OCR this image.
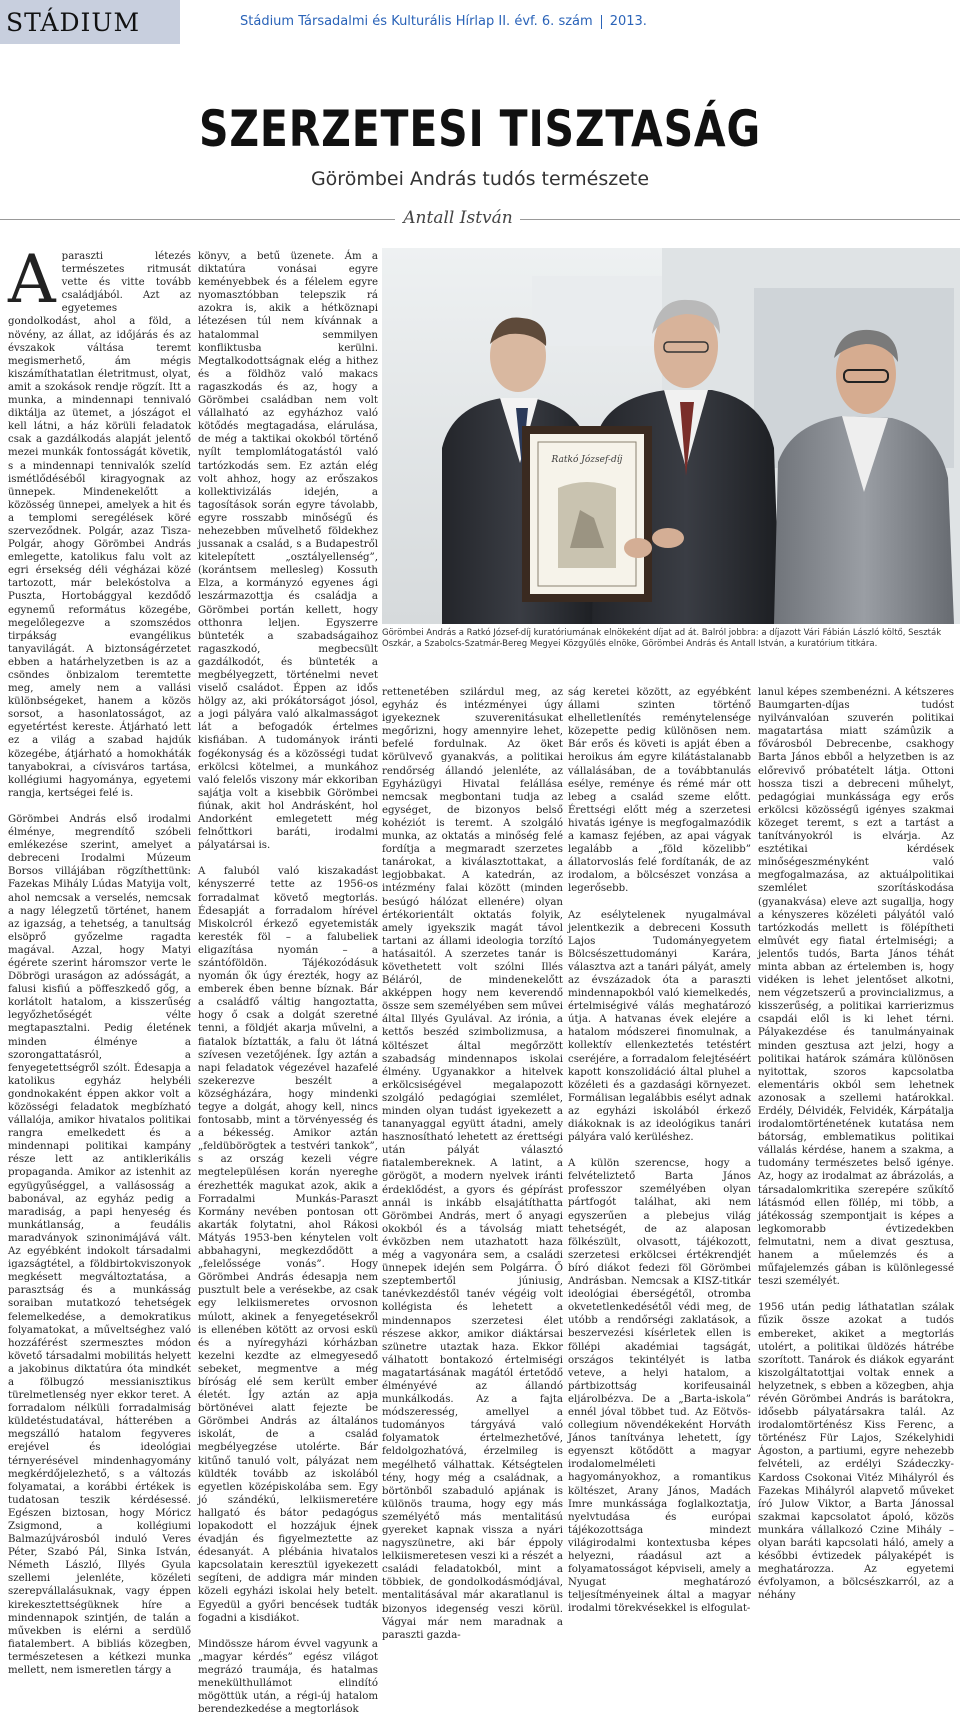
STÁDIUM	Stádium Társadalmi és Kulturális Hírlap II. évf. 6. szám 2013.
SZERZETESI TISZTASÁG
Görömbei András tudós természete
Antall István

Aparaszti létezés természetes ritmusát vette és vitte tovább családjából. Azt az egyetemes gondolkodást, ahol a föld, a növény, az állat, az időjárás és az évszakok váltása teremt megismerhető, ám mégis kiszámíthatatlan életritmust, olyat, amit a szokások rendje rögzít. Itt a munka, a mindennapi tennivaló diktálja az ütemet, a jószágot el kell látni, a ház körüli feladatok csak a gazdálkodás alapját jelentő mezei munkák fontosságát követik, s a mindennapi tennivalók szelíd ismétlődéséből kiragyognak az ünnepek. Mindenekelőtt a közösség ünnepei, amelyek a hit és a templomi seregélések köré szerveződnek. Polgár, azaz Tisza-Polgár, ahogy Görömbei András emlegette, katolikus falu volt az egri érsekség déli végházai közé tartozott, már belekóstolva a Puszta, Hortobággyal kezdődő egynemű református közegébe, megelőlegezve a szomszédos tirpákság evangélikus tanyavilágát. A biztonságérzetet ebben a határhelyzetben is az a csöndes önbizalom teremtette meg, amely nem a vallási különbségeket, hanem a közös sorsot, a hasonlatosságot, az egyetértést kereste. Átjárható lett ez a világ a szabad hajdúk közegébe, átjárható a homokháták tanyabokrai, a cívisváros tartása, kollégiumi hagyománya, egyetemi rangja, kertségei felé is.

Görömbei András első irodalmi élménye, megrendítő szóbeli emlékezése szerint, amelyet a debreceni Irodalmi Múzeum Borsos villájában rögzíthettünk: Fazekas Mihály Lúdas Matyija volt, ahol nemcsak a verselés, nemcsak a nagy lélegzetű történet, hanem az igazság, a tehetség, a tanultság elsöprő győzelme ragadta magával. Azzal, hogy Matyi égérete szerint háromszor verte le Döbrögi uraságon az adósságát, a falusi kisfiú a pöffeszkedő gőg, a korlátolt hatalom, a kisszerűség legyőzhetőségét vélte megtapasztalni. Pedig életének minden élménye a szorongattatásról, a fenyegetettségről szólt. Édesapja a katolikus egyház helybéli gondnokaként éppen akkor volt a közösségi feladatok megbízható vállalója, amikor hivatalos politikai rangra emelkedett és a mindennapi politikai kampány része lett az antiklerikális propaganda. Amikor az istenhit az együgyűséggel, a vallásosság a babonával, az egyház pedig a maradiság, a papi henyeség és munkátlanság, a feudális maradványok szinonimájává vált. Az egyébként indokolt társadalmi igazságtétel, a földbirtokviszonyok megkésett megváltoztatása, a parasztság és a munkásság soraiban mutatkozó tehetségek felemelkedése, a demokratikus folyamatokat, a műveltséghez való hozzáférést szermesztes módon követő társadalmi mobilitás helyett a jakobinus diktatúra óta mindkét a fölbugzó messianisztikus türelmetlenség nyer ekkor teret. A forradalom nélküli forradalmiság küldetéstudatával, hátterében a megszálló hatalom fegyveres erejével és ideológiai térnyerésével mindenhagyomány megkérdőjelezhető, s a változás folyamatai, a korábbi értékek is tudatosan teszik kérdésessé. Egészen biztosan, hogy Móricz Zsigmond, a kollégiumi Balmazújvárosból induló Veres Péter, Szabó Pál, Sinka István, Németh László, Illyés Gyula szellemi jelenléte, közéleti szerepvállalásuknak, vagy éppen kirekesztettségüknek híre a mindennapok szintjén, de talán a művekben is elérni a serdülő fiatalembert. A bibliás közegben, természetesen a kétkezi munka mellett, nem ismeretlen tárgy a

könyv, a betű üzenete. Ám a diktatúra vonásai egyre keményebbek és a félelem egyre nyomasztóbban telepszik rá azokra is, akik a hétköznapi létezésen túl nem kívánnak a hatalommal semmilyen konfliktusba kerülni. Megtalkodottságnak elég a hithez és a földhöz való makacs ragaszkodás és az, hogy a Görömbei családban nem volt vállalható az egyházhoz való kötődés megtagadása, elárulása, de még a taktikai okokból történő nyílt templomlátogatástól való tartózkodás sem. Ez aztán elég volt ahhoz, hogy az erőszakos kollektivizálás idején, a tagosítások során egyre távolabb, egyre rosszabb minőségű és nehezebben művelhető földekhez jussanak a család, s a Budapestről kitelepített „osztályellenség”, (korántsem mellesleg) Kossuth Elza, a kormányzó egyenes ági leszármazottja és családja a Görömbei portán kellett, hogy otthonra leljen. Egyszerre bünteték a szabadságaihoz ragaszkodó, megbecsült gazdálkodót, és bünteték a megbélyegzett, történelmi nevet viselő családot. Éppen az idős hölgy az, aki prókátorságot jósol, a jogi pályára való alkalmasságot lát a befogadók értelmes kisfiában. A tudományok iránti fogékonyság és a közösségi tudat erkölcsi kötelmei, a munkához való felelős viszony már ekkoriban sajátja volt a kisebbik Görömbei fiúnak, akit hol Andrásként, hol Andorként emlegetett még felnőttkori baráti, irodalmi pályatársai is.

A faluból való kiszakadást kényszerré tette az 1956-os forradalmat követő megtorlás. Édesapját a forradalom hírével Miskolcról érkező egyetemisták keresték föl – a falubeliek eligazítása nyomán – a szántóföldön. Tájékozódásuk nyomán ők úgy érezték, hogy az emberek ében benne bíznak. Bár a családfő váltig hangoztatta, hogy ő csak a dolgát szeretné tenni, a földjét akarja művelni, a fiatalok bíztatták, a falu öt látná szívesen vezetőjének. Így aztán a napi feladatok végezével hazafelé szekerezve beszélt a községházára, hogy mindenki tegye a dolgát, ahogy kell, nincs fontosabb, mint a törvényesség és a békesség. Amikor aztán „feldübörögtek a testvéri tankok”, s az ország kezeli végre megtelepülésen korán nyereghe érezhették magukat azok, akik a Forradalmi Munkás-Paraszt Kormány nevében pontosan ott akarták folytatni, ahol Rákosi Mátyás 1953-ben kénytelen volt abbahagyni, megkezdődött a „felelőssége vonás”. Hogy Görömbei András édesapja nem pusztult bele a verésekbe, az csak egy lelkiismeretes orvosnon múlott, akinek a fenyegetésekről is ellenében kötött az orvosi eskü és a nyíregyházi kórházban kezelni kezdte az elmegyesedő sebeket, megmentve a még bíróság elé sem került ember életét. Így aztán az apja börtönévei alatt fejezte be Görömbei András az általános iskolát, de a család megbélyegzése utolérte. Bár kitűnő tanuló volt, pályázat nem küldték tovább az iskolából egyetlen középiskolába sem. Egy jó szándékú, lelkiismeretére hallgató és bátor pedagógus lopakodott el hozzájuk éjnek évadján és figyelmeztette az édesanyát. A plébánia hivatalos kapcsolatain keresztül igyekezett segíteni, de addigra már minden közeli egyházi iskolai hely betelt. Egyedül a győri bencések tudták fogadni a kisdiákot.

Mindössze három évvel vagyunk a „magyar kérdés” egész világot megrázó traumája, és hatalmas menekülthullámot elindító mögöttük után, a régi-új hatalom berendezkedése a megtorlások

Ratkó József-díj
Görömbei András a Ratkó József-díj kuratóriumának elnökeként díjat ad át. Balról jobbra: a díjazott Vári Fábián László költő, Seszták Oszkár, a Szabolcs-Szatmár-Bereg Megyei Közgyűlés elnöke, Görömbei András és Antall István, a kuratórium titkára.

rettenetében szilárdul meg, az egyház és intézményei úgy igyekeznek szuverenitásukat megőrizni, hogy amennyire lehet, befelé fordulnak. Az öket körülvevő gyanakvás, a politikai rendőrség állandó jelenléte, az Egyházügyi Hivatal felállása nemcsak megbontani tudja az egységet, de bizonyos belső kohéziót is teremt. A szolgáló munka, az oktatás a minőség felé fordítja a megmaradt szerzetes tanárokat, a kiválasztottakat, a legjobbakat. A katedrán, az intézmény falai között (minden besúgó hálózat ellenére) olyan értékorientált oktatás folyik, amely igyekszik magát távol tartani az állami ideologia torzító hatásaitól. A szerzetes tanár is követhetett volt szólni Illés Béláról, de mindenekelőtt akképpen hogy nem keverendő össze sem személyében sem művei által Illyés Gyulával. Az irónia, a kettős beszéd szimbolizmusa, a költészet által megőrzött szabadság mindennapos iskolai élmény. Ugyanakkor a hitelvek erkölcsiségével megalapozott szolgáló pedagógiai szemlélet, minden olyan tudást igyekezett a tananyaggal együtt átadni, amely hasznosítható lehetett az érettségi után pályát választó fiatalembereknek. A latint, a görögöt, a modern nyelvek iránti érdeklődést, a gyors és gépírást annál is inkább elsajátíthatta Görömbei András, mert ő anyagi okokból és a távolság miatt évközben nem utazhatott haza még a vagyonára sem, a családi ünnepek idején sem Polgárra. Ő szeptembertől júniusig, tanévkezdéstől tanév végéig volt kollégista és lehetett a mindennapos szerzetesi élet részese akkor, amikor diáktársai szünetre utaztak haza. Ekkor válhatott bontakozó értelmiségi magatartásának magától értetődő élményévé az állandó munkálkodás. Az a fajta módszeresség, amellyel a tudományos tárgyává való folyamatok értelmezhetővé, feldolgozhatóvá, érzelmileg is megélhető válhattak. Kétségtelen tény, hogy még a családnak, a börtönből szabaduló apjának is különös trauma, hogy egy más személyétő más mentalitású gyereket kapnak vissza a nyári nagyszünetre, aki bár éppoly lelkiismeretesen veszi ki a részét a családi feladatokból, mint a többiek, de gondolkodásmódjával, mentalitásával már akaratlanul is bizonyos idegenség veszi körül. Vágyai már nem maradnak a paraszti gazda-

ság keretei között, az egyébként állami szinten történő elhelletlenítés reménytelensége közepette pedig különösen nem. Bár erős és követi is apját ében a heroikus ám egyre kilátástalanabb vállalásában, de a továbbtanulás esélye, reménye és rémé már ott lebeg a család szeme előtt. Érettségi előtt még a szerzetesi hivatás igénye is megfogalmazódik a kamasz fejében, az apai vágyak legalább a „föld közelibb” állatorvoslás felé fordítanák, de az irodalom, a bölcsészet vonzása a legerősebb.

Az esélytelenek nyugalmával jelentkezik a debreceni Kossuth Lajos Tudományegyetem Bölcsészettudományi Karára, választva azt a tanári pályát, amely az évszázadok óta a paraszti mindennapokból való kiemelkedés, értelmiségivé válás meghatározó útja. A hatvanas évek elejére a hatalom módszerei finomulnak, a kollektív ellenkeztetés tetéstért cseréjére, a forradalom felejtéséért kapott konszolidáció által pluhel a közéleti és a gazdasági környezet. Formálisan legalábbis esélyt adnak az egyházi iskolából érkező diákoknak is az ideológikus tanári pályára való kerüléshez.

A külön szerencse, hogy a felvételiztető Barta János professzor személyében olyan pártfogót találhat, aki nem egyszerűen a plebejus világ tehetségét, de az alaposan fölkészült, olvasott, tájékozott, szerzetesi erkölcsei értékrendjét bíró diákot fedezi föl Görömbei Andrásban. Nemcsak a KISZ-titkár ideológiai éberségétől, otromba okvetetlenkedésétől védi meg, de utóbb a rendőrségi zaklatások, a beszervezési kísérletek ellen is föllépi akadémiai tagságát, országos tekintélyét is latba veteve, a helyi hatalom, a pártbizottság korifeusainál eljárolbézva. De a „Barta-iskola” ennél jóval többet tud. Az Eötvös-collegium növendékeként Horváth János tanítványa lehetett, így egyenszt kötődött a magyar irodalomelméleti hagyományokhoz, a romantikus költészet, Arany János, Madách Imre munkássága foglalkoztatja, nyelvtudása és európai tájékozottsága mindezt világirodalmi kontextusba képes helyezni, ráadásul azt a folyamatosságot képviseli, amely a Nyugat meghatározó teljesítményeinek által a magyar irodalmi törekvésekkel is elfogulat-

lanul képes szembenézni. A kétszeres Baumgarten-díjas tudóst nyilvánvalóan szuverén politikai magatartása miatt számûzik a fővárosból Debrecenbe, csakhogy Barta János ebből a helyzetben is az előrevivő próbatételt látja. Ottoni hossza tiszi a debreceni műhelyt, pedagógiai munkássága egy erős erkölcsi közösségű igényes szakmai közeget teremt, s ezt a tartást a tanítványokról is elvárja. Az esztétikai kérdések minőségeszményként való megfogalmazása, az aktuálpolitikai szemlélet szorításkodása (gyanakvása) eleve azt sugallja, hogy a kényszeres közéleti pályától való tartózkodás mellett is fölépítheti elmûvét egy fiatal értelmiségi; a jelentős tudós, Barta János téhát minta abban az értelemben is, hogy vidéken is lehet jelentőset alkotni, nem végzetszerű a provincializmus, a kisszerűség, a politikai karrierizmus csapdái elől is ki lehet térni. Pályakezdése és tanulmányainak minden gesztusa azt jelzi, hogy a politikai határok számára különösen nyitottak, szoros kapcsolatba elementáris okból sem lehetnek azonosak a szellemi határokkal. Erdély, Délvidék, Felvidék, Kárpátalja irodalomtörténetének kutatása nem bátorság, emblematikus politikai vállalás kérdése, hanem a szakma, a tudomány természetes belső igénye. Az, hogy az irodalmat az ábrázolás, a társadalomkritika szerepére szűkítő látásmód ellen föllép, mi több, a játékosság szempontjait is képes a legkomorabb évtizedekben felmutatni, nem a divat gesztusa, hanem a műelemzés és a műfajelemzés gában is különlegessé teszi személyét.

1956 után pedig láthatatlan szálak fűzik össze azokat a tudós embereket, akiket a megtorlás utolért, a politikai üldözés hátrébe szorított. Tanárok és diákok egyaránt kiszolgáltatottjai voltak ennek a helyzetnek, s ebben a közegben, ahja révén Görömbei András is barátokra, idősebb pályatársakra talál. Az irodalomtörténész Kiss Ferenc, a történész Für Lajos, Székelyhidi Ágoston, a partiumi, egyre nehezebb felvételi, az erdélyi Szádeczky-Kardoss Csokonai Vitéz Mihályról és Fazekas Mihályról alapvető műveket író Julow Viktor, a Barta Jánossal szakmai kapcsolatot ápoló, közös munkára vállalkozó Czine Mihály – olyan baráti kapcsolati háló, amely a későbbi évtizedek pályaképét is meghatározza. Az egyetemi évfolyamon, a bölcsészkarról, az a néhány
